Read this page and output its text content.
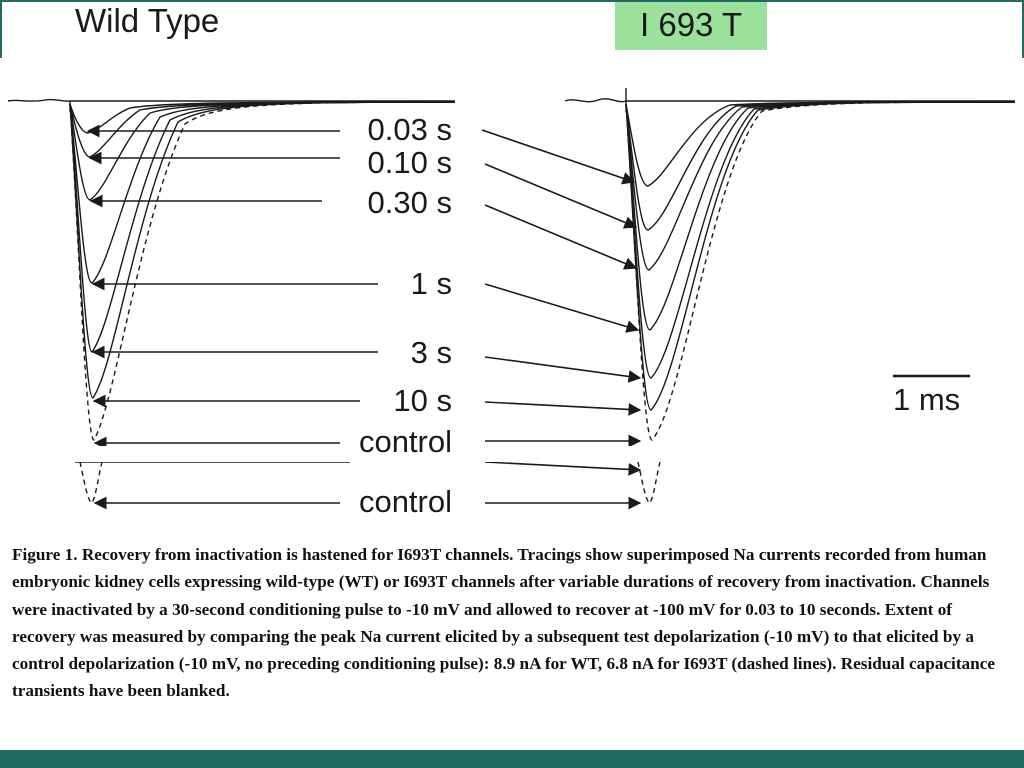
Wild Type	I 693 T
0.03 s
0.10 s
0.30 s
1 s
3 s
10 s
control
control
1 ms
Figure 1. Recovery from inactivation is hastened for I693T channels. Tracings show superimposed Na currents recorded from human embryonic kidney cells expressing wild-type (WT) or I693T channels after variable durations of recovery from inactivation. Channels were inactivated by a 30-second conditioning pulse to -10 mV and allowed to recover at -100 mV for 0.03 to 10 seconds. Extent of recovery was measured by comparing the peak Na current elicited by a subsequent test depolarization (-10 mV) to that elicited by a control depolarization (-10 mV, no preceding conditioning pulse): 8.9 nA for WT, 6.8 nA for I693T (dashed lines). Residual capacitance transients have been blanked.
